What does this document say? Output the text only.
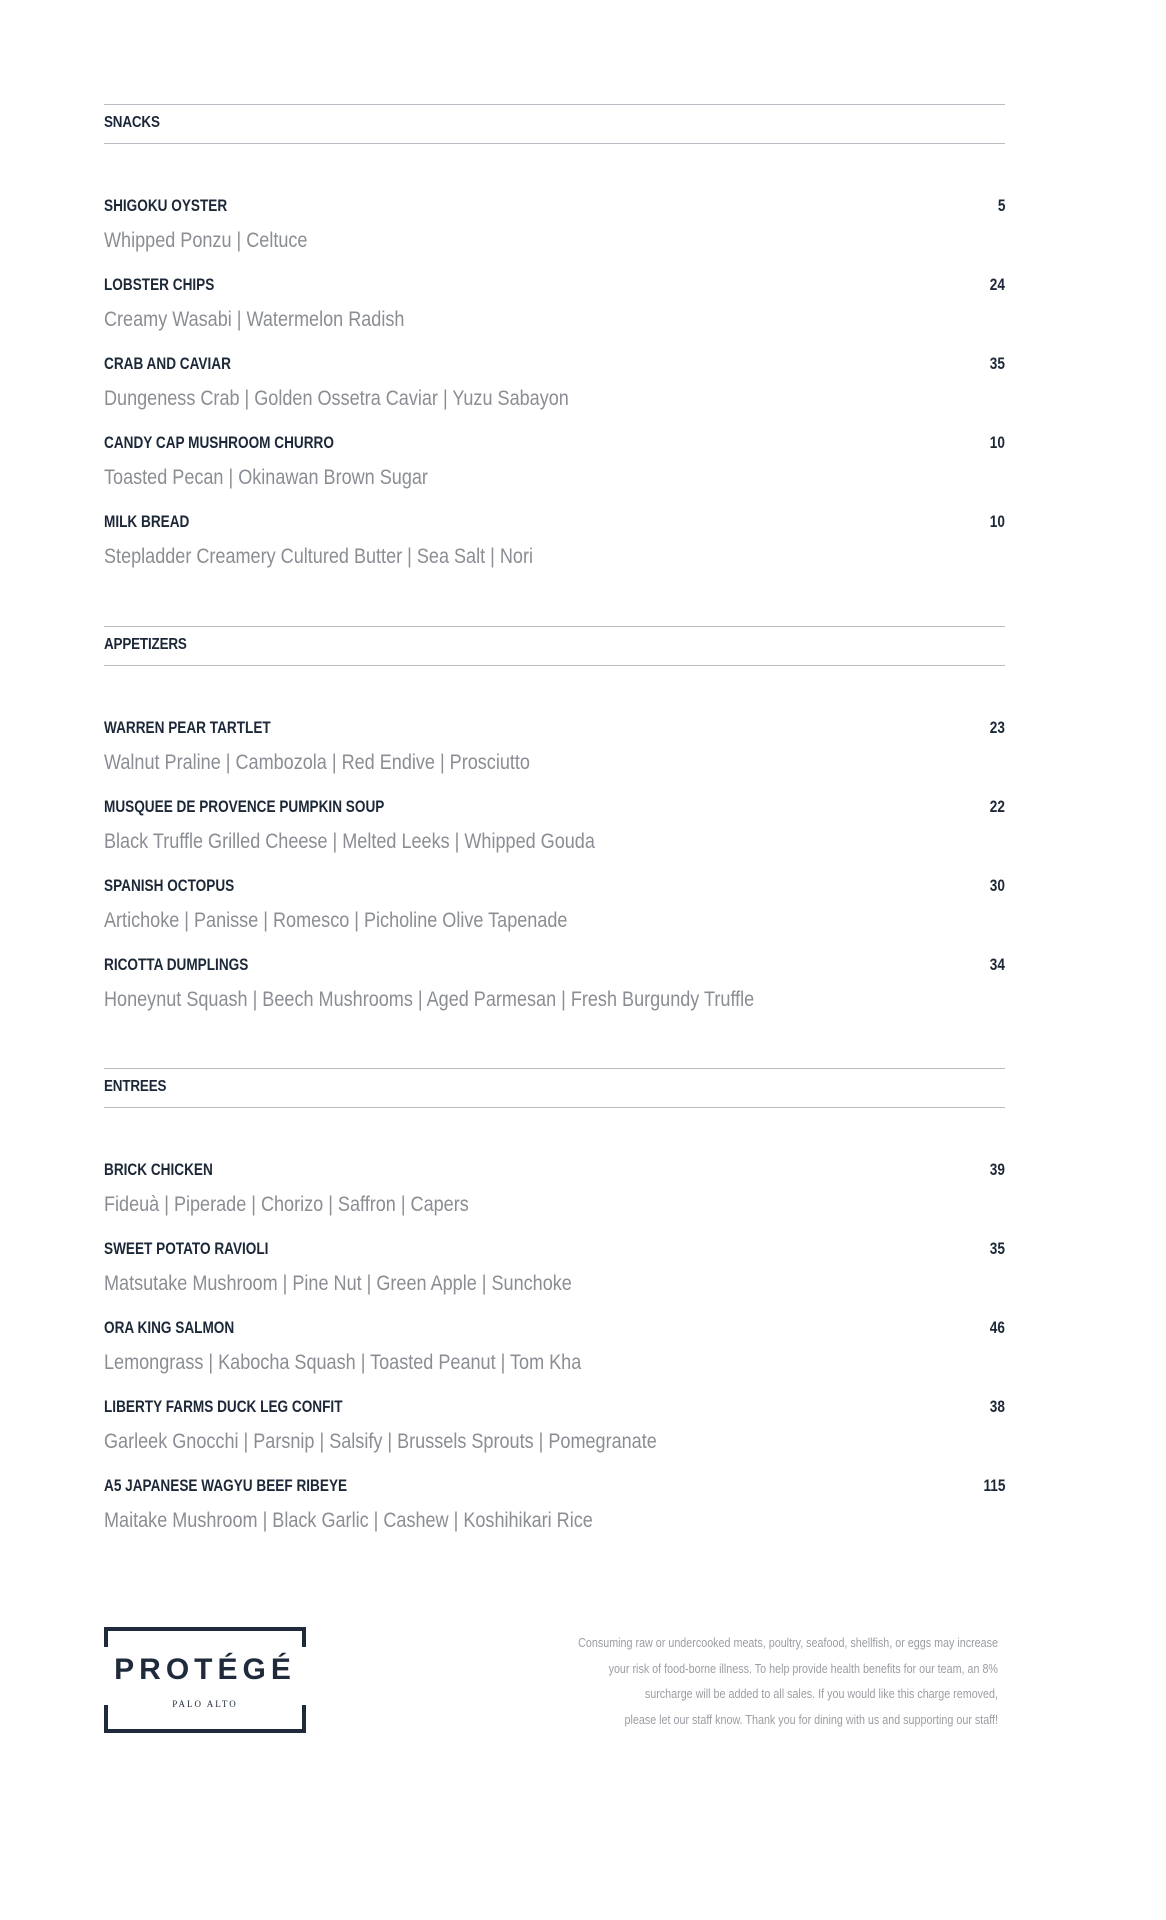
SNACKS
SHIGOKU OYSTER	5
Whipped Ponzu | Celtuce
LOBSTER CHIPS	24
Creamy Wasabi | Watermelon Radish
CRAB AND CAVIAR	35
Dungeness Crab | Golden Ossetra Caviar | Yuzu Sabayon
CANDY CAP MUSHROOM CHURRO	10
Toasted Pecan | Okinawan Brown Sugar
MILK BREAD	10
Stepladder Creamery Cultured Butter | Sea Salt | Nori
APPETIZERS
WARREN PEAR TARTLET	23
Walnut Praline | Cambozola | Red Endive | Prosciutto
MUSQUEE DE PROVENCE PUMPKIN SOUP	22
Black Truffle Grilled Cheese | Melted Leeks | Whipped Gouda
SPANISH OCTOPUS	30
Artichoke | Panisse | Romesco | Picholine Olive Tapenade
RICOTTA DUMPLINGS	34
Honeynut Squash | Beech Mushrooms | Aged Parmesan | Fresh Burgundy Truffle
ENTREES
BRICK CHICKEN	39
Fideuà | Piperade | Chorizo | Saffron | Capers
SWEET POTATO RAVIOLI	35
Matsutake Mushroom | Pine Nut | Green Apple | Sunchoke
ORA KING SALMON	46
Lemongrass | Kabocha Squash | Toasted Peanut | Tom Kha
LIBERTY FARMS DUCK LEG CONFIT	38
Garleek Gnocchi | Parsnip | Salsify | Brussels Sprouts | Pomegranate
A5 JAPANESE WAGYU BEEF RIBEYE	115
Maitake Mushroom | Black Garlic | Cashew | Koshihikari Rice
PROTÉGÉ
PALO ALTO

Consuming raw or undercooked meats, poultry, seafood, shellfish, or eggs may increase

your risk of food-borne illness. To help provide health benefits for our team, an 8%

surcharge will be added to all sales. If you would like this charge removed,

please let our staff know. Thank you for dining with us and supporting our staff!
